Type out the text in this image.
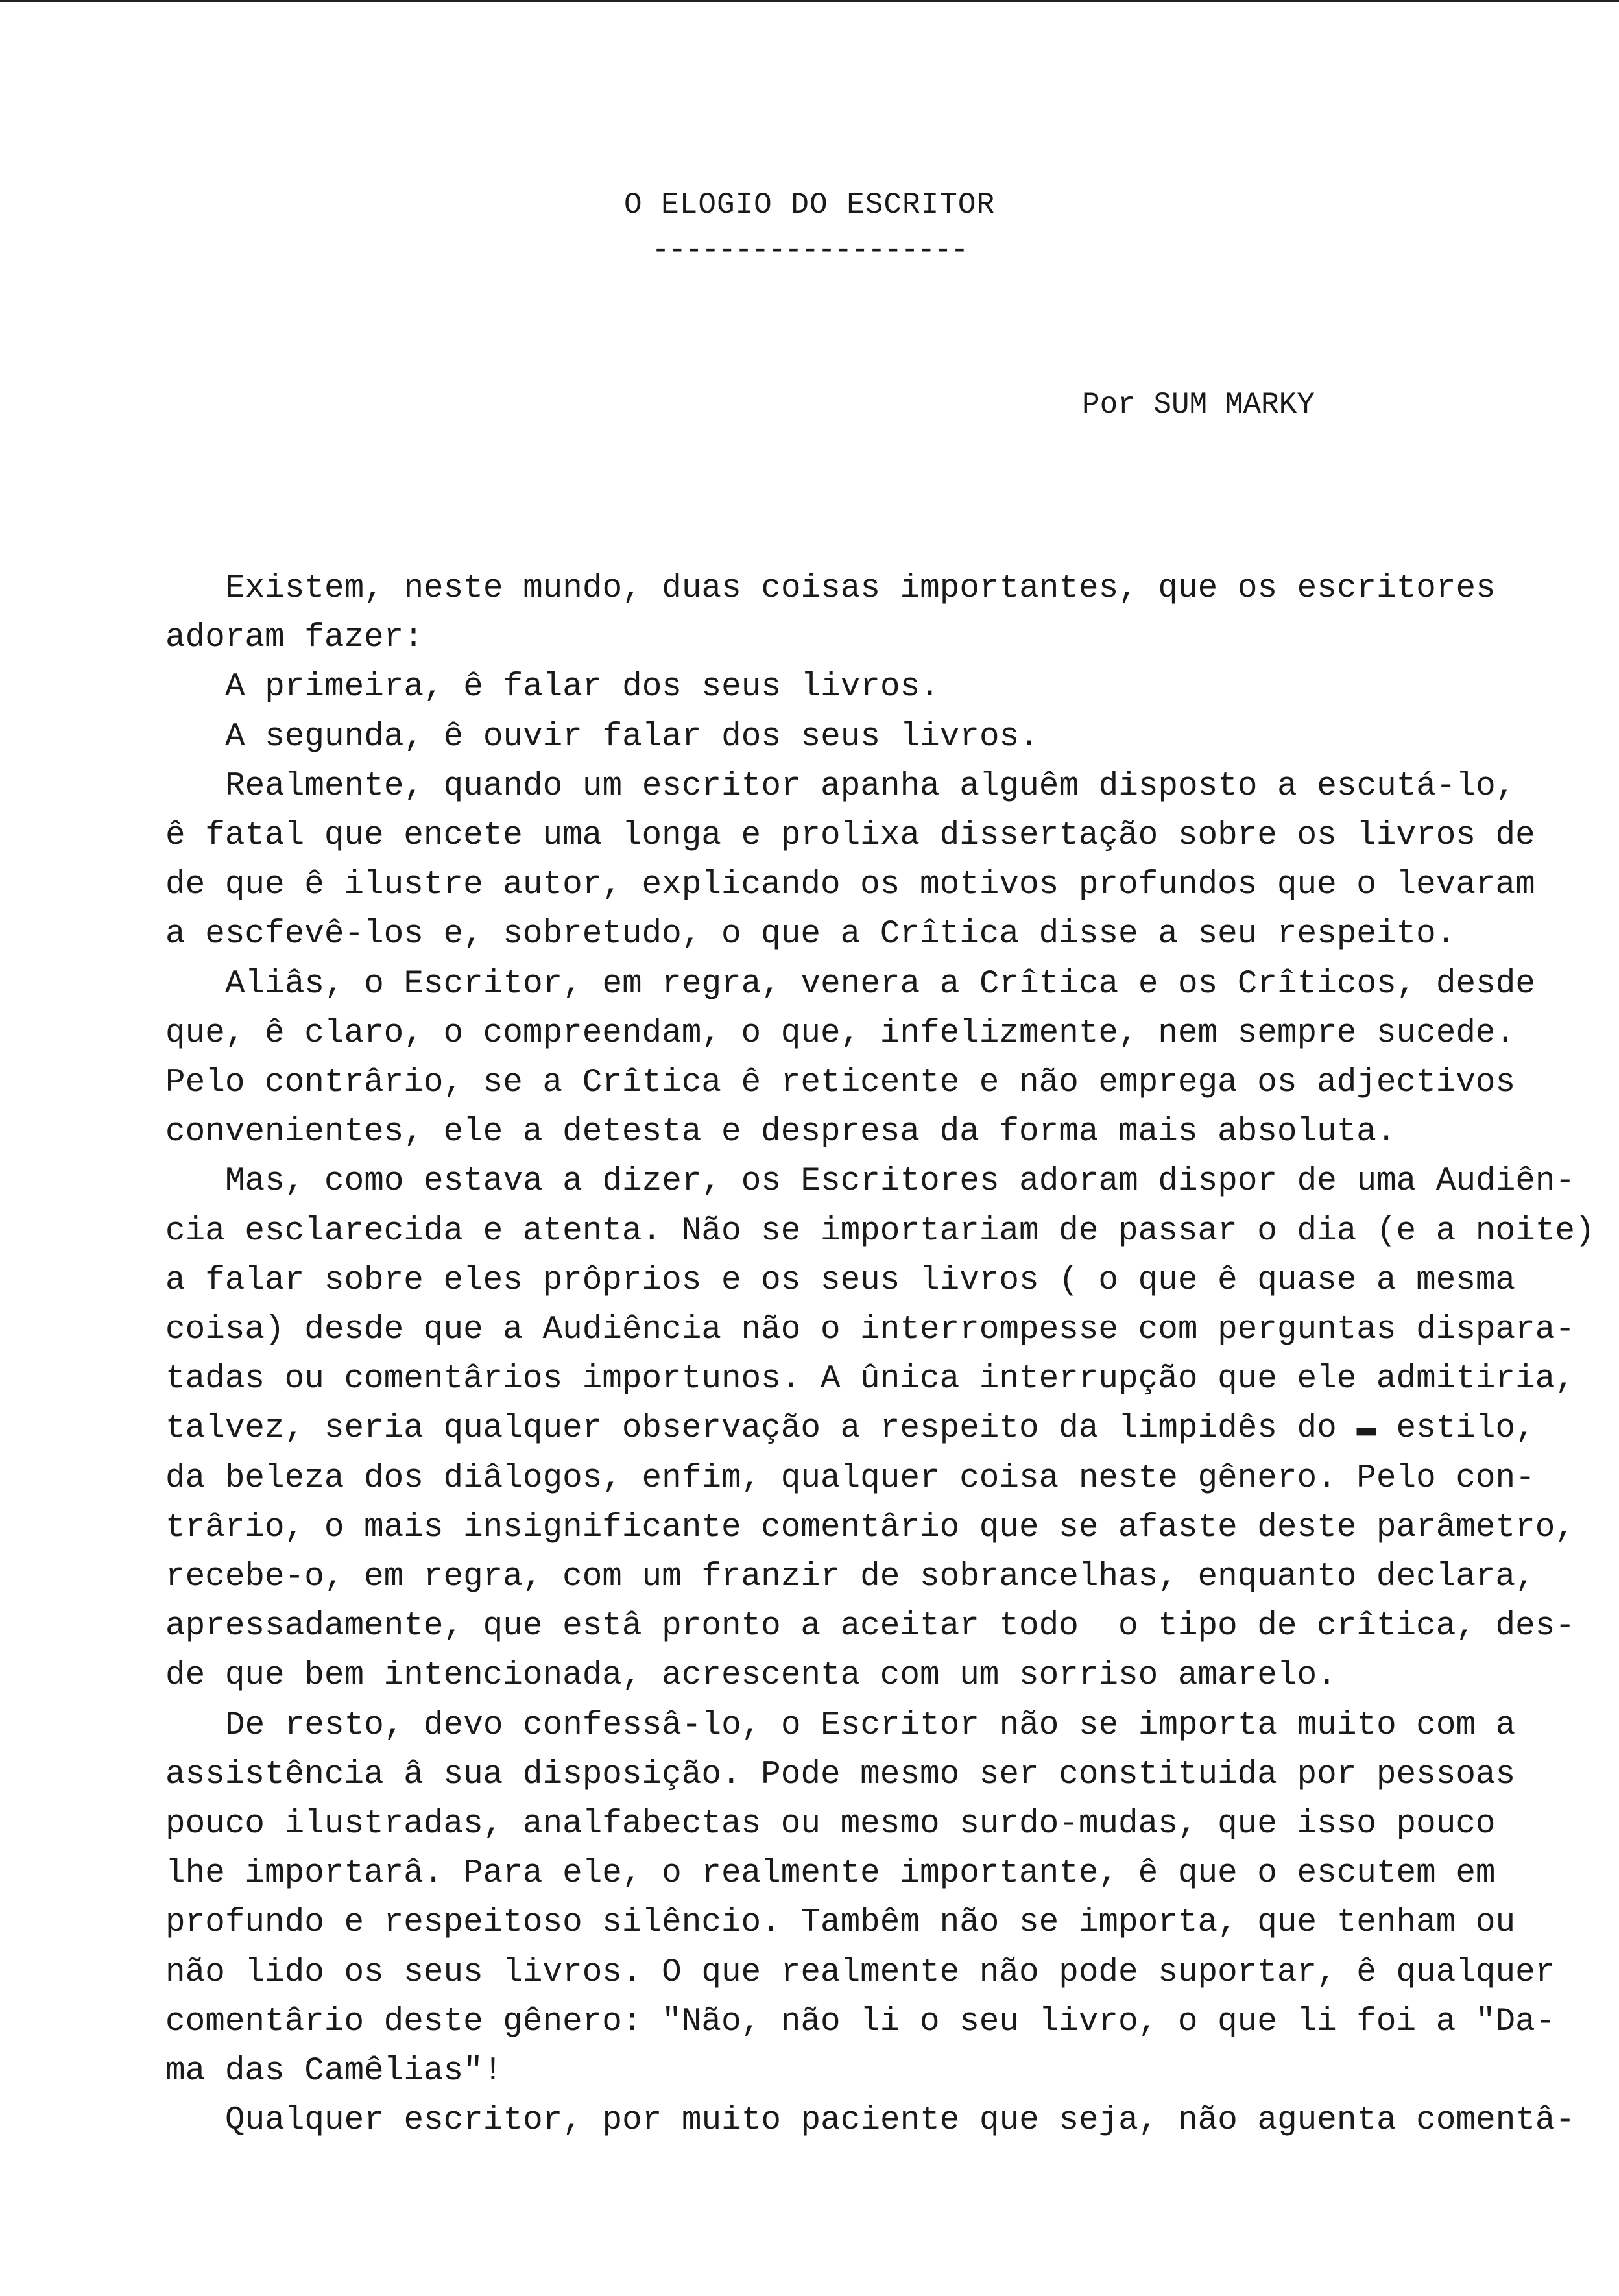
O ELOGIO DO ESCRITOR
-------------------
Por SUM MARKY
Existem, neste mundo, duas coisas importantes, que os escritores
adoram fazer:
A primeira, ê falar dos seus livros.
A segunda, ê ouvir falar dos seus livros.
Realmente, quando um escritor apanha alguêm disposto a escutá-lo,
ê fatal que encete uma longa e prolixa dissertação sobre os livros de
de que ê ilustre autor, explicando os motivos profundos que o levaram
a escfevê-los e, sobretudo, o que a Crîtica disse a seu respeito.
Aliâs, o Escritor, em regra, venera a Crîtica e os Crîticos, desde
que, ê claro, o compreendam, o que, infelizmente, nem sempre sucede.
Pelo contrârio, se a Crîtica ê reticente e não emprega os adjectivos
convenientes, ele a detesta e despresa da forma mais absoluta.
Mas, como estava a dizer, os Escritores adoram dispor de uma Audiên-
cia esclarecida e atenta. Não se importariam de passar o dia (e a noite)
a falar sobre eles prôprios e os seus livros ( o que ê quase a mesma
coisa) desde que a Audiência não o interrompesse com perguntas dispara-
tadas ou comentârios importunos. A ûnica interrupção que ele admitiria,
talvez, seria qualquer observação a respeito da limpidês do ▬ estilo,
da beleza dos diâlogos, enfim, qualquer coisa neste gênero. Pelo con-
trârio, o mais insignificante comentârio que se afaste deste parâmetro,
recebe-o, em regra, com um franzir de sobrancelhas, enquanto declara,
apressadamente, que estâ pronto a aceitar todo  o tipo de crîtica, des-
de que bem intencionada, acrescenta com um sorriso amarelo.
De resto, devo confessâ-lo, o Escritor não se importa muito com a
assistência â sua disposição. Pode mesmo ser constituida por pessoas
pouco ilustradas, analfabectas ou mesmo surdo-mudas, que isso pouco
lhe importarâ. Para ele, o realmente importante, ê que o escutem em
profundo e respeitoso silêncio. Tambêm não se importa, que tenham ou
não lido os seus livros. O que realmente não pode suportar, ê qualquer
comentârio deste gênero: "Não, não li o seu livro, o que li foi a "Da-
ma das Camêlias"!
Qualquer escritor, por muito paciente que seja, não aguenta comentâ-
